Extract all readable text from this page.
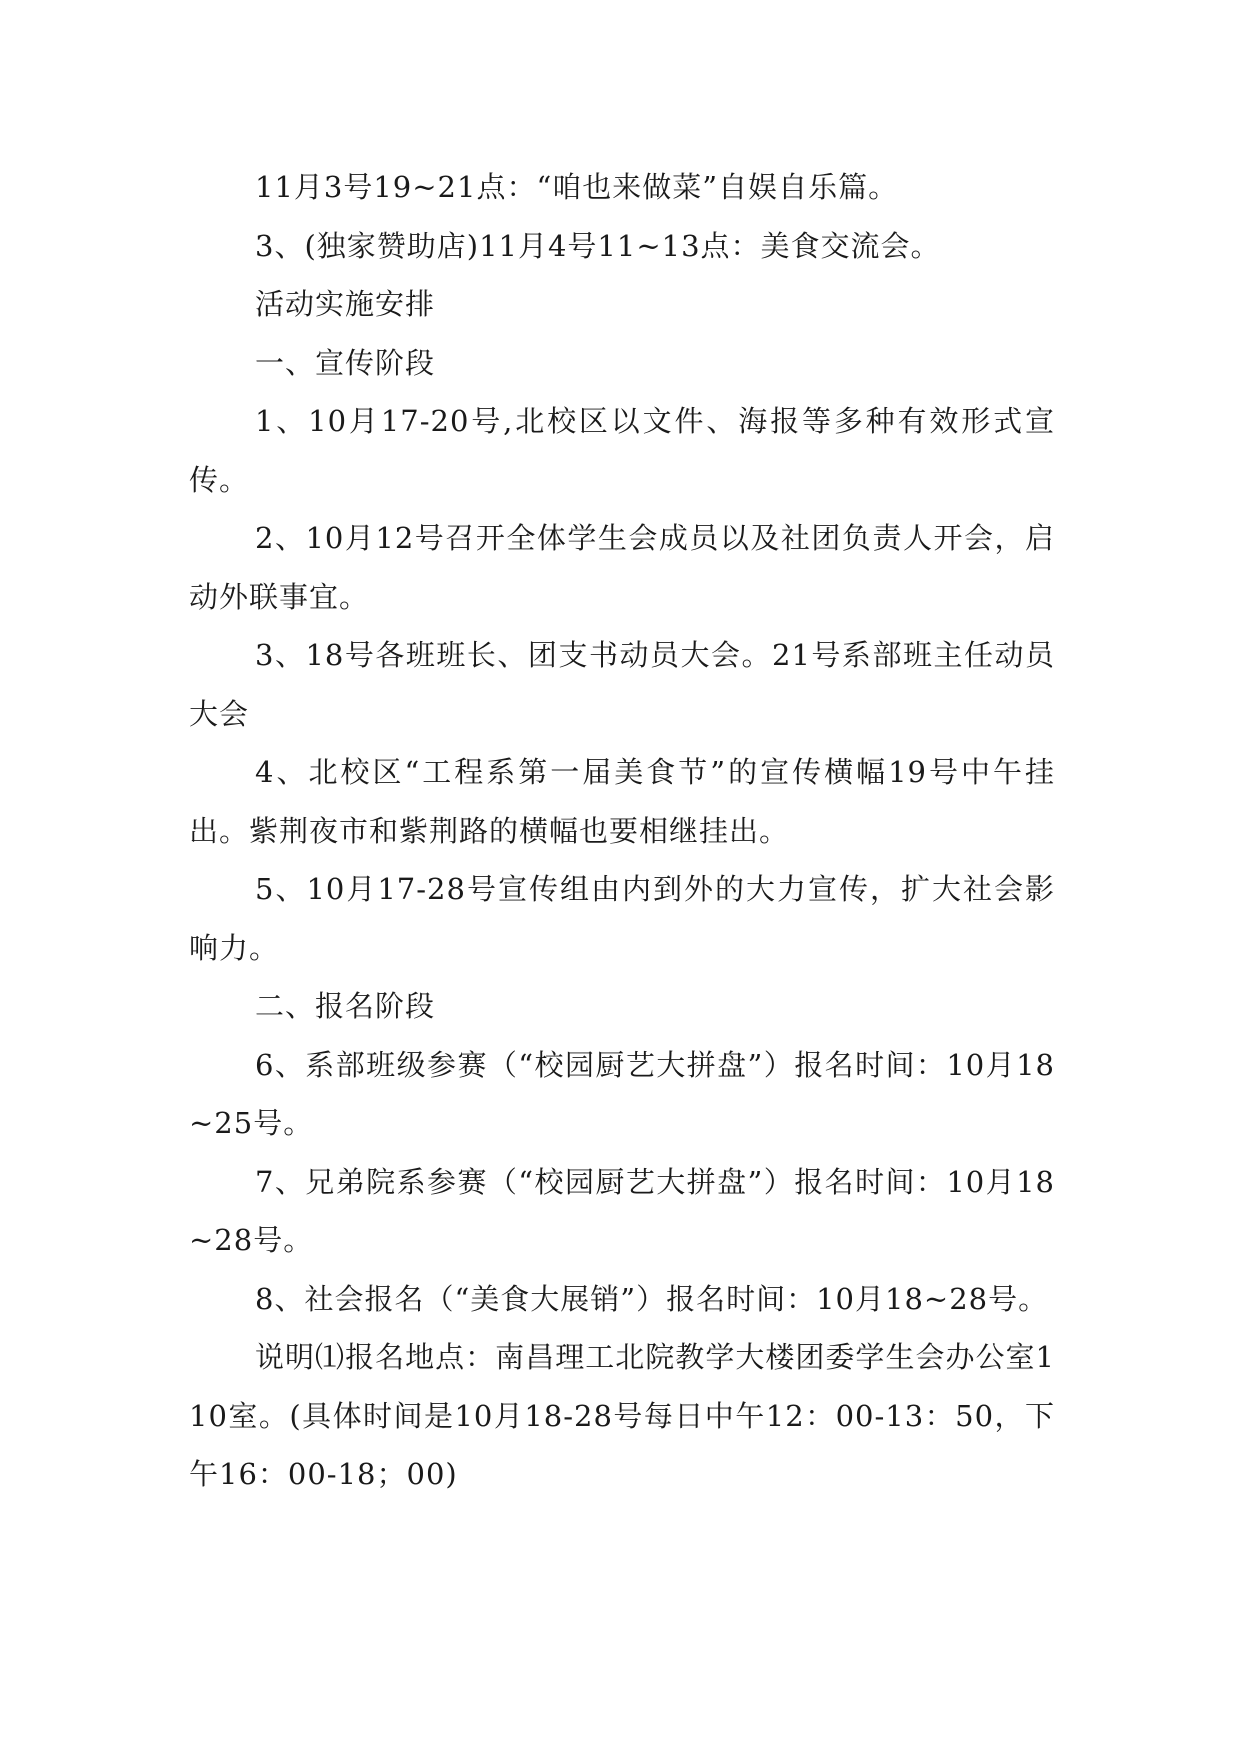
11月3号19~21点：“咱也来做菜”自娱自乐篇。

3、(独家赞助店)11月4号11~13点：美食交流会。

活动实施安排

一、宣传阶段

1、10月17-20号,北校区以文件、海报等多种有效形式宣传。

2、10月12号召开全体学生会成员以及社团负责人开会，启动外联事宜。

3、18号各班班长、团支书动员大会。21号系部班主任动员大会

4、北校区“工程系第一届美食节”的宣传横幅19号中午挂出。紫荆夜市和紫荆路的横幅也要相继挂出。

5、10月17-28号宣传组由内到外的大力宣传，扩大社会影响力。

二、报名阶段

6、系部班级参赛（“校园厨艺大拼盘”）报名时间：10月18~25号。

7、兄弟院系参赛（“校园厨艺大拼盘”）报名时间：10月18~28号。

8、社会报名（“美食大展销”）报名时间：10月18~28号。

说明⑴报名地点：南昌理工北院教学大楼团委学生会办公室110室。(具体时间是10月18-28号每日中午12：00-13：50，下午16：00-18；00)
